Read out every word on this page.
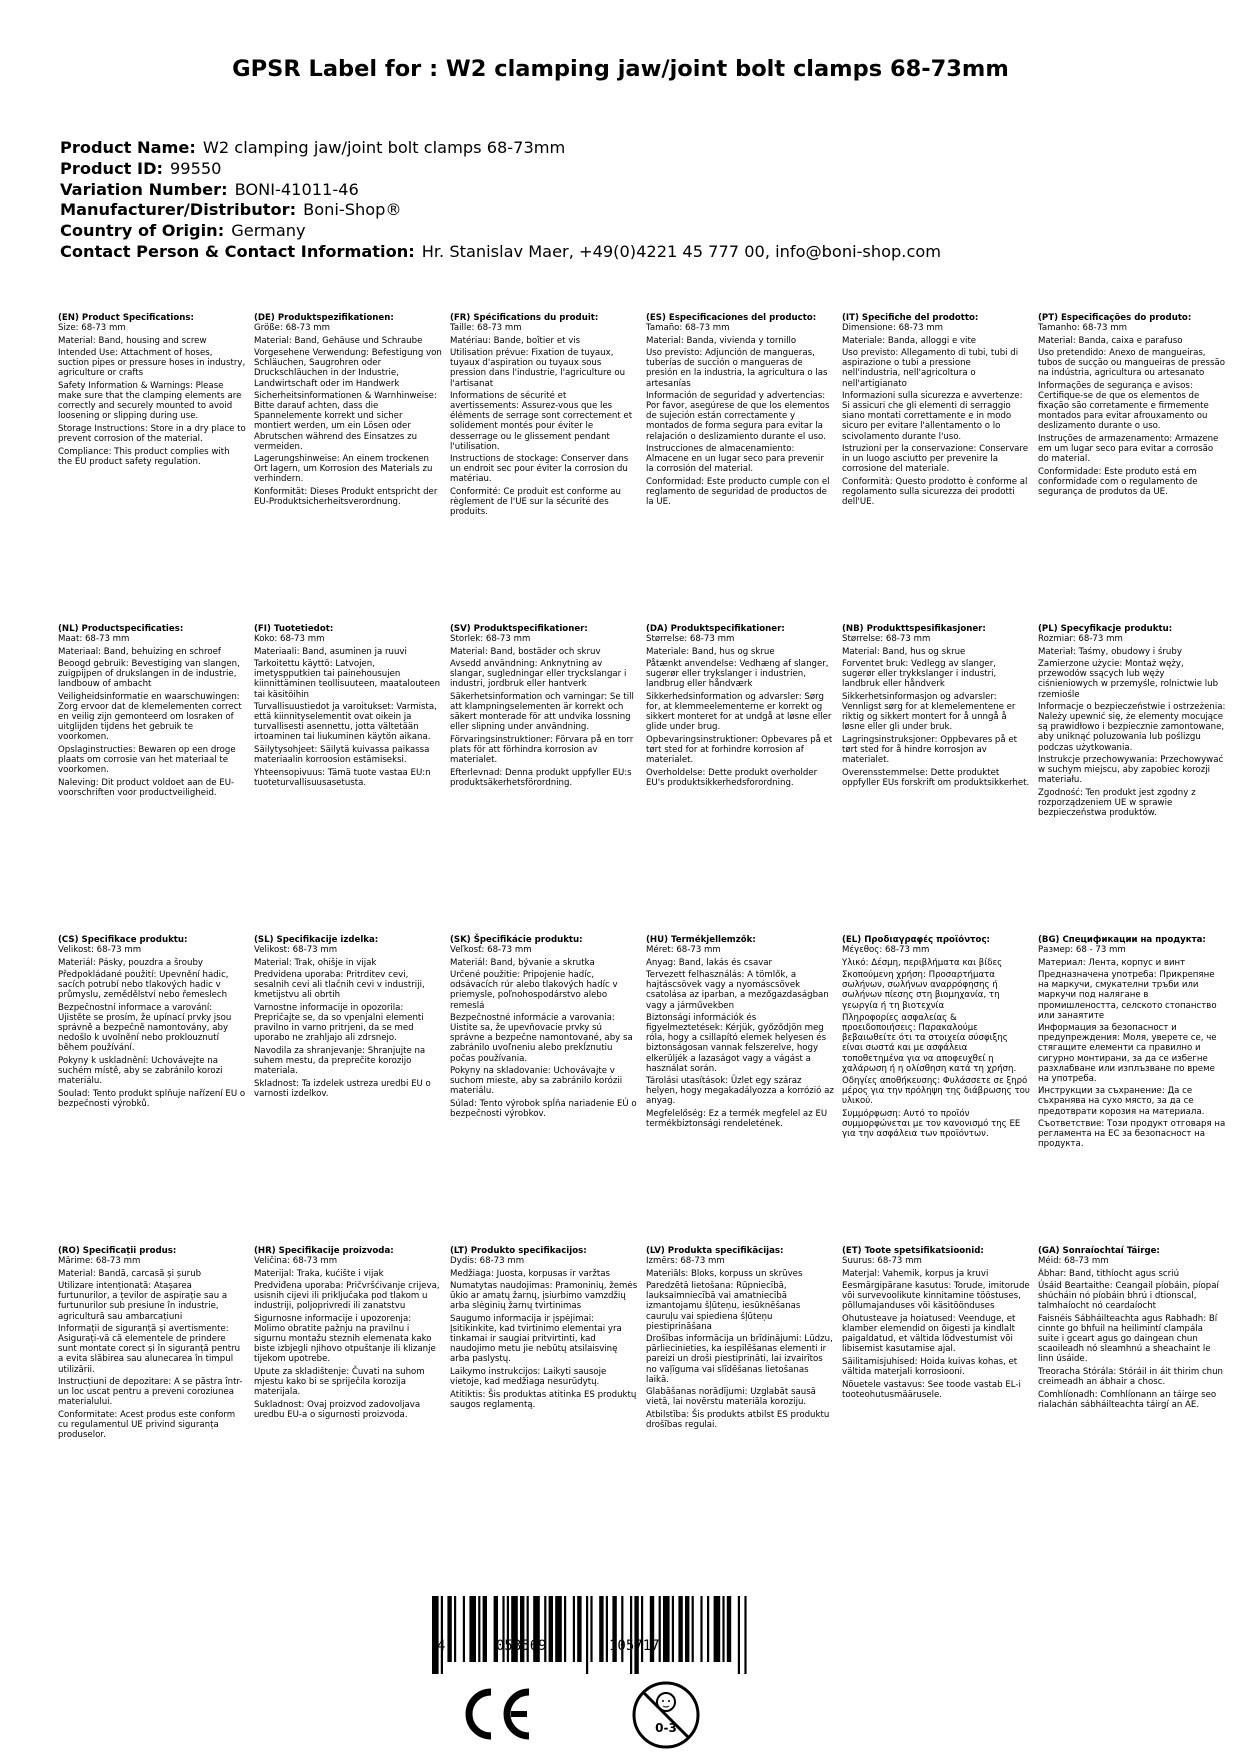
GPSR Label for : W2 clamping jaw/joint bolt clamps 68-73mm
Product Name: W2 clamping jaw/joint bolt clamps 68-73mm
Product ID: 99550
Variation Number: BONI-41011-46
Manufacturer/Distributor: Boni-Shop®
Country of Origin: Germany
Contact Person & Contact Information: Hr. Stanislav Maer, +49(0)4221 45 777 00, info@boni-shop.com
(EN) Product Specifications:

Size: 68-73 mm

Material: Band, housing and screw

Intended Use: Attachment of hoses, suction pipes or pressure hoses in industry, agriculture or crafts

Safety Information & Warnings: Please make sure that the clamping elements are correctly and securely mounted to avoid loosening or slipping during use.

Storage Instructions: Store in a dry place to prevent corrosion of the material.

Compliance: This product complies with the EU product safety regulation.

(DE) Produktspezifikationen:

Größe: 68-73 mm

Material: Band, Gehäuse und Schraube

Vorgesehene Verwendung: Befestigung von Schläuchen, Saugrohren oder Druckschläuchen in der Industrie, Landwirtschaft oder im Handwerk

Sicherheitsinformationen & Warnhinweise: Bitte darauf achten, dass die Spannelemente korrekt und sicher montiert werden, um ein Lösen oder Abrutschen während des Einsatzes zu vermeiden.

Lagerungshinweise: An einem trockenen Ort lagern, um Korrosion des Materials zu verhindern.

Konformität: Dieses Produkt entspricht der EU-Produktsicherheitsverordnung.

(FR) Spécifications du produit:

Taille: 68-73 mm

Matériau: Bande, boîtier et vis

Utilisation prévue: Fixation de tuyaux, tuyaux d'aspiration ou tuyaux sous pression dans l'industrie, l'agriculture ou l'artisanat

Informations de sécurité et avertissements: Assurez-vous que les éléments de serrage sont correctement et solidement montés pour éviter le desserrage ou le glissement pendant l'utilisation.

Instructions de stockage: Conserver dans un endroit sec pour éviter la corrosion du matériau.

Conformité: Ce produit est conforme au règlement de l'UE sur la sécurité des produits.

(ES) Especificaciones del producto:

Tamaño: 68-73 mm

Material: Banda, vivienda y tornillo

Uso previsto: Adjunción de mangueras, tuberías de succión o mangueras de presión en la industria, la agricultura o las artesanías

Información de seguridad y advertencias: Por favor, asegúrese de que los elementos de sujeción están correctamente y montados de forma segura para evitar la relajación o deslizamiento durante el uso.

Instrucciones de almacenamiento: Almacene en un lugar seco para prevenir la corrosión del material.

Conformidad: Este producto cumple con el reglamento de seguridad de productos de la UE.

(IT) Specifiche del prodotto:

Dimensione: 68-73 mm

Materiale: Banda, alloggi e vite

Uso previsto: Allegamento di tubi, tubi di aspirazione o tubi a pressione nell'industria, nell'agricoltura o nell'artigianato

Informazioni sulla sicurezza e avvertenze: Si assicuri che gli elementi di serraggio siano montati correttamente e in modo sicuro per evitare l'allentamento o lo scivolamento durante l'uso.

Istruzioni per la conservazione: Conservare in un luogo asciutto per prevenire la corrosione del materiale.

Conformità: Questo prodotto è conforme al regolamento sulla sicurezza dei prodotti dell'UE.

(PT) Especificações do produto:

Tamanho: 68-73 mm

Material: Banda, caixa e parafuso

Uso pretendido: Anexo de mangueiras, tubos de sucção ou mangueiras de pressão na indústria, agricultura ou artesanato

Informações de segurança e avisos: Certifique-se de que os elementos de fixação são corretamente e firmemente montados para evitar afrouxamento ou deslizamento durante o uso.

Instruções de armazenamento: Armazene em um lugar seco para evitar a corrosão do material.

Conformidade: Este produto está em conformidade com o regulamento de segurança de produtos da UE.

(NL) Productspecificaties:

Maat: 68-73 mm

Materiaal: Band, behuizing en schroef

Beoogd gebruik: Bevestiging van slangen, zuigpijpen of drukslangen in de industrie, landbouw of ambacht

Veiligheidsinformatie en waarschuwingen: Zorg ervoor dat de klemelementen correct en veilig zijn gemonteerd om losraken of uitglijden tijdens het gebruik te voorkomen.

Opslaginstructies: Bewaren op een droge plaats om corrosie van het materiaal te voorkomen.

Naleving: Dit product voldoet aan de EU-voorschriften voor productveiligheid.

(FI) Tuotetiedot:

Koko: 68-73 mm

Materiaali: Band, asuminen ja ruuvi

Tarkoitettu käyttö: Latvojen, imetyspputkien tai painehousujen kiinnittäminen teollisuuteen, maatalouteen tai käsitöihin

Turvallisuustiedot ja varoitukset: Varmista, että kiinnityselementit ovat oikein ja turvallisesti asennettu, jotta vältetään irtoaminen tai liukuminen käytön aikana.

Säilytysohjeet: Säilytä kuivassa paikassa materiaalin korroosion estämiseksi.

Yhteensopivuus: Tämä tuote vastaa EU:n tuoteturvallisuusasetusta.

(SV) Produktspecifikationer:

Storlek: 68-73 mm

Material: Band, bostäder och skruv

Avsedd användning: Anknytning av slangar, sugledningar eller tryckslangar i industri, jordbruk eller hantverk

Säkerhetsinformation och varningar: Se till att klampningselementen är korrekt och säkert monterade för att undvika lossning eller slipning under användning.

Förvaringsinstruktioner: Förvara på en torr plats för att förhindra korrosion av materialet.

Efterlevnad: Denna produkt uppfyller EU:s produktsäkerhetsförordning.

(DA) Produktspecifikationer:

Størrelse: 68-73 mm

Materiale: Band, hus og skrue

Påtænkt anvendelse: Vedhæng af slanger, sugerør eller trykslanger i industrien, landbrug eller håndværk

Sikkerhedsinformation og advarsler: Sørg for, at klemmeelementerne er korrekt og sikkert monteret for at undgå at løsne eller glide under brug.

Opbevaringsinstruktioner: Opbevares på et tørt sted for at forhindre korrosion af materialet.

Overholdelse: Dette produkt overholder EU's produktsikkerhedsforordning.

(NB) Produkttspesifikasjoner:

Størrelse: 68-73 mm

Material: Band, hus og skrue

Forventet bruk: Vedlegg av slanger, sugerør eller trykkslanger i industri, landbruk eller håndverk

Sikkerhetsinformasjon og advarsler: Vennligst sørg for at klemelementene er riktig og sikkert montert for å unngå å løsne eller gli under bruk.

Lagringsinstruksjoner: Oppbevares på et tørt sted for å hindre korrosjon av materialet.

Overensstemmelse: Dette produktet oppfyller EUs forskrift om produktsikkerhet.

(PL) Specyfikacje produktu:

Rozmiar: 68-73 mm

Materiał: Taśmy, obudowy i śruby

Zamierzone użycie: Montaż węży, przewodów ssących lub węży ciśnieniowych w przemyśle, rolnictwie lub rzemiośle

Informacje o bezpieczeństwie i ostrzeżenia: Należy upewnić się, że elementy mocujące są prawidłowo i bezpiecznie zamontowane, aby uniknąć poluzowania lub poślizgu podczas użytkowania.

Instrukcje przechowywania: Przechowywać w suchym miejscu, aby zapobiec korozji materiału.

Zgodność: Ten produkt jest zgodny z rozporządzeniem UE w sprawie bezpieczeństwa produktów.

(CS) Specifikace produktu:

Velikost: 68-73 mm

Materiál: Pásky, pouzdra a šrouby

Předpokládané použití: Upevnění hadic, sacích potrubí nebo tlakových hadic v průmyslu, zemědělství nebo řemeslech

Bezpečnostní informace a varování: Ujistěte se prosím, že upínací prvky jsou správně a bezpečně namontovány, aby nedošlo k uvolnění nebo proklouznutí během používání.

Pokyny k uskladnění: Uchovávejte na suchém místě, aby se zabránilo korozi materiálu.

Soulad: Tento produkt splňuje nařízení EU o bezpečnosti výrobků.

(SL) Specifikacije izdelka:

Velikost: 68-73 mm

Material: Trak, ohišje in vijak

Predvidena uporaba: Pritrditev cevi, sesalnih cevi ali tlačnih cevi v industriji, kmetijstvu ali obrtih

Varnostne informacije in opozorila: Prepričajte se, da so vpenjalni elementi pravilno in varno pritrjeni, da se med uporabo ne zrahljajo ali zdrsnejo.

Navodila za shranjevanje: Shranjujte na suhem mestu, da preprečite korozijo materiala.

Skladnost: Ta izdelek ustreza uredbi EU o varnosti izdelkov.

(SK) Špecifikácie produktu:

Veľkosť: 68-73 mm

Materiál: Band, bývanie a skrutka

Určené použitie: Pripojenie hadíc, odsávacích rúr alebo tlakových hadíc v priemysle, poľnohospodárstvo alebo remeslá

Bezpečnostné informácie a varovania: Uistite sa, že upevňovacie prvky sú správne a bezpečne namontované, aby sa zabránilo uvoľneniu alebo prekĺznutiu počas používania.

Pokyny na skladovanie: Uchovávajte v suchom mieste, aby sa zabránilo korózii materiálu.

Súlad: Tento výrobok spĺňa nariadenie EÚ o bezpečnosti výrobkov.

(HU) Termékjellemzők:

Méret: 68-73 mm

Anyag: Band, lakás és csavar

Tervezett felhasználás: A tömlők, a hajtáscsövek vagy a nyomáscsövek csatolása az iparban, a mezőgazdaságban vagy a járművekben

Biztonsági információk és figyelmeztetések: Kérjük, győződjön meg róla, hogy a csillapító elemek helyesen és biztonságosan vannak felszerelve, hogy elkerüljék a lazaságot vagy a vágást a használat során.

Tárolási utasítások: Üzlet egy száraz helyen, hogy megakadályozza a korrózió az anyag.

Megfelelőség: Ez a termék megfelel az EU termékbiztonsági rendeletének.

(EL) Προδιαγραφές προϊόντος:

Μέγεθος: 68-73 mm

Υλικό: Δέσμη, περιβλήματα και βίδες

Σκοπούμενη χρήση: Προσαρτήματα σωλήνων, σωλήνων αναρρόφησης ή σωλήνων πίεσης στη βιομηχανία, τη γεωργία ή τη βιοτεχνία

Πληροφορίες ασφαλείας & προειδοποιήσεις: Παρακαλούμε βεβαιωθείτε ότι τα στοιχεία σύσφιξης είναι σωστά και με ασφάλεια τοποθετημένα για να αποφευχθεί η χαλάρωση ή η ολίσθηση κατά τη χρήση.

Οδηγίες αποθήκευσης: Φυλάσσετε σε ξηρό μέρος για την πρόληψη της διάβρωσης του υλικού.

Συμμόρφωση: Αυτό το προϊόν συμμορφώνεται με τον κανονισμό της ΕΕ για την ασφάλεια των προϊόντων.

(BG) Спецификации на продукта:

Размер: 68 - 73 mm

Материал: Лента, корпус и винт

Предназначена употреба: Прикрепяне на маркучи, смукателни тръби или маркучи под налягане в промишлеността, селското стопанство или занаятите

Информация за безопасност и предупреждения: Моля, уверете се, че стягащите елементи са правилно и сигурно монтирани, за да се избегне разхлабване или изплъзване по време на употреба.

Инструкции за съхранение: Да се съхранява на сухо място, за да се предотврати корозия на материала.

Съответствие: Този продукт отговаря на регламента на ЕС за безопасност на продукта.

(RO) Specificații produs:

Mărime: 68-73 mm

Material: Bandă, carcasă și șurub

Utilizare intenționată: Atașarea furtunurilor, a țevilor de aspirație sau a furtunurilor sub presiune în industrie, agricultură sau ambarcațiuni

Informații de siguranță și avertismente: Asigurați-vă că elementele de prindere sunt montate corect și în siguranță pentru a evita slăbirea sau alunecarea în timpul utilizării.

Instrucțiuni de depozitare: A se păstra într-un loc uscat pentru a preveni coroziunea materialului.

Conformitate: Acest produs este conform cu regulamentul UE privind siguranța produselor.

(HR) Specifikacije proizvoda:

Veličina: 68-73 mm

Materijal: Traka, kućište i vijak

Predviđena uporaba: Pričvršćivanje crijeva, usisnih cijevi ili priključaka pod tlakom u industriji, poljoprivredi ili zanatstvu

Sigurnosne informacije i upozorenja: Molimo obratite pažnju na pravilnu i sigurnu montažu steznih elemenata kako biste izbjegli njihovo otpuštanje ili klizanje tijekom upotrebe.

Upute za skladištenje: Čuvati na suhom mjestu kako bi se spriječila korozija materijala.

Sukladnost: Ovaj proizvod zadovoljava uredbu EU-a o sigurnosti proizvoda.

(LT) Produkto specifikacijos:

Dydis: 68-73 mm

Medžiaga: Juosta, korpusas ir varžtas

Numatytas naudojimas: Pramoninių, žemės ūkio ar amatų žarnų, įsiurbimo vamzdžių arba slėginių žarnų tvirtinimas

Saugumo informacija ir įspėjimai: Įsitikinkite, kad tvirtinimo elementai yra tinkamai ir saugiai pritvirtinti, kad naudojimo metu jie nebūtų atsilaisvinę arba paslystų.

Laikymo instrukcijos: Laikyti sausoje vietoje, kad medžiaga nesurūdytų.

Atitiktis: Šis produktas atitinka ES produktų saugos reglamentą.

(LV) Produkta specifikācijas:

Izmērs: 68-73 mm

Materiāls: Bloks, korpuss un skrūves

Paredzētā lietošana: Rūpniecībā, lauksaimniecībā vai amatniecībā izmantojamu šļūteņu, iesūknēšanas cauruļu vai spiediena šļūteņu piestiprināšana

Drošības informācija un brīdinājumi: Lūdzu, pārliecinieties, ka iespīlēšanas elementi ir pareizi un droši piestiprināti, lai izvairītos no vaļīguma vai slīdēšanas lietošanas laikā.

Glabāšanas norādījumi: Uzglabāt sausā vietā, lai novērstu materiāla koroziju.

Atbilstība: Šis produkts atbilst ES produktu drošības regulai.

(ET) Toote spetsifikatsioonid:

Suurus: 68-73 mm

Materjal: Vahemik, korpus ja kruvi

Eesmärgipärane kasutus: Torude, imitorude või survevoolikute kinnitamine tööstuses, põllumajanduses või käsitöönduses

Ohutusteave ja hoiatused: Veenduge, et klamber elemendid on õigesti ja kindlalt paigaldatud, et vältida lõdvestumist või libisemist kasutamise ajal.

Säilitamisjuhised: Hoida kuivas kohas, et vältida materjali korrosiooni.

Nõuetele vastavus: See toode vastab EL-i tooteohutusmäärusele.

(GA) Sonraíochtaí Táirge:

Méid: 68-73 mm

Ábhar: Band, tithíocht agus scriú

Úsáid Beartaithe: Ceangail píobáin, píopaí shúcháin nó píobáin bhrú i dtionscal, talmhaíocht nó ceardaíocht

Faisnéis Sábháilteachta agus Rabhadh: Bí cinnte go bhfuil na heilimintí clampála suite i gceart agus go daingean chun scaoileadh nó sleamhnú a sheachaint le linn úsáide.

Treoracha Stórála: Stóráil in áit thirim chun creimeadh an ábhair a chosc.

Comhlíonadh: Comhlíonann an táirge seo rialachán sábháilteachta táirgí an AE.

4	058569	105717
0-3
